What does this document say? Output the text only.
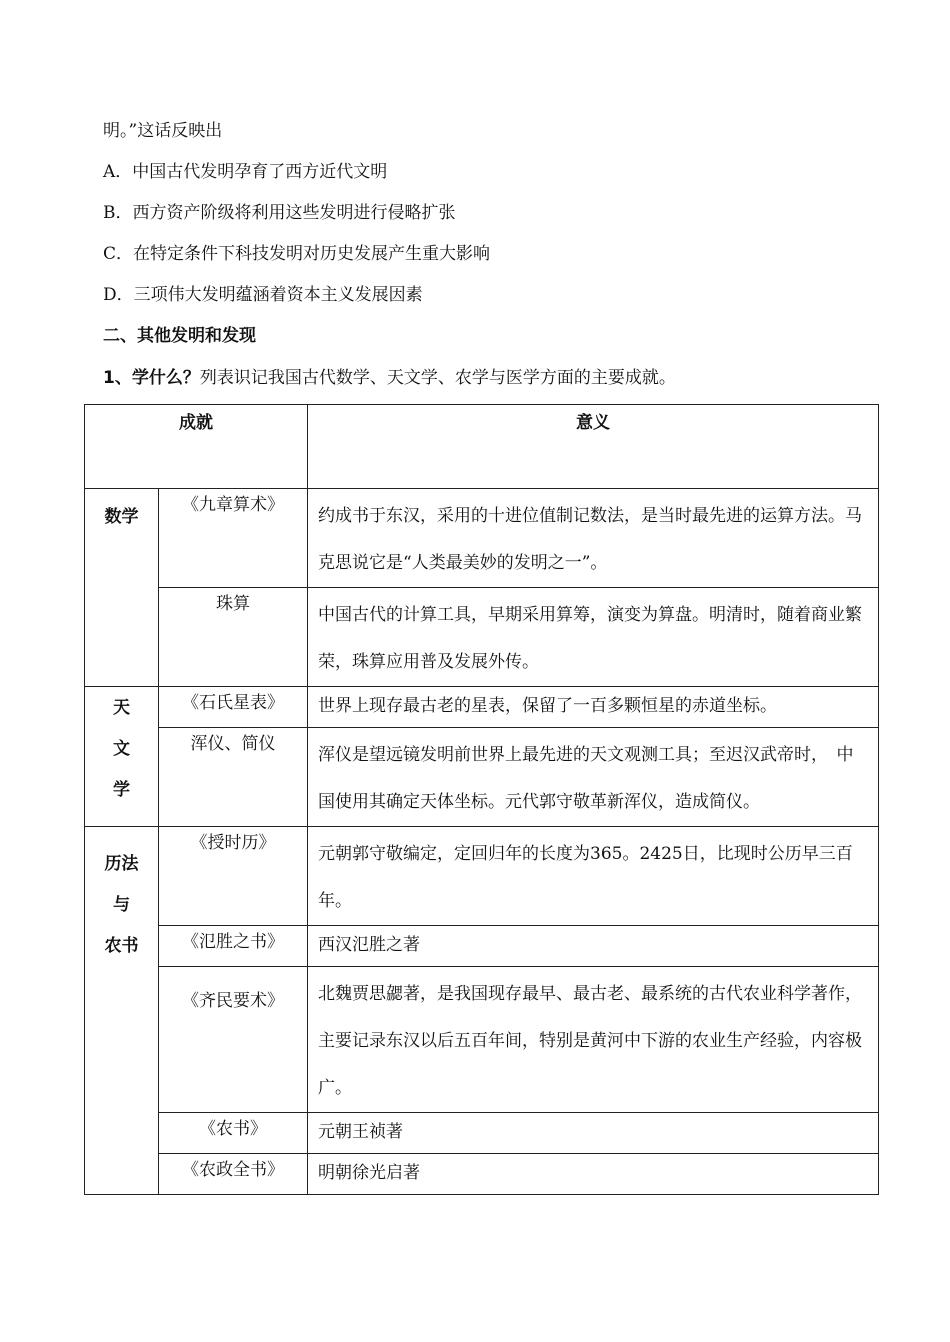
明。”这话反映出
A．中国古代发明孕育了西方近代文明
B．西方资产阶级将利用这些发明进行侵略扩张
C．在特定条件下科技发明对历史发展产生重大影响
D．三项伟大发明蕴涵着资本主义发展因素
二、其他发明和发现
1、学什么？列表识记我国古代数学、天文学、农学与医学方面的主要成就。
成就		意义

数学	《九章算术》	约成书于东汉，采用的十进位值制记数法，是当时最先进的运算方法。马克思说它是“人类最美妙的发明之一”。
	珠算	中国古代的计算工具，早期采用算筹，演变为算盘。明清时，随着商业繁荣，珠算应用普及发展外传。

天
文
学	《石氏星表》	世界上现存最古老的星表，保留了一百多颗恒星的赤道坐标。
	浑仪、简仪	浑仪是望远镜发明前世界上最先进的天文观测工具；至迟汉武帝时，　中国使用其确定天体坐标。元代郭守敬革新浑仪，造成简仪。

历法
与
农书	《授时历》	元朝郭守敬编定，定回归年的长度为365。2425日，比现时公历早三百年。
	《氾胜之书》	西汉氾胜之著
	《齐民要术》	北魏贾思勰著，是我国现存最早、最古老、最系统的古代农业科学著作，主要记录东汉以后五百年间，特别是黄河中下游的农业生产经验，内容极广。
	《农书》	元朝王祯著
	《农政全书》	明朝徐光启著
